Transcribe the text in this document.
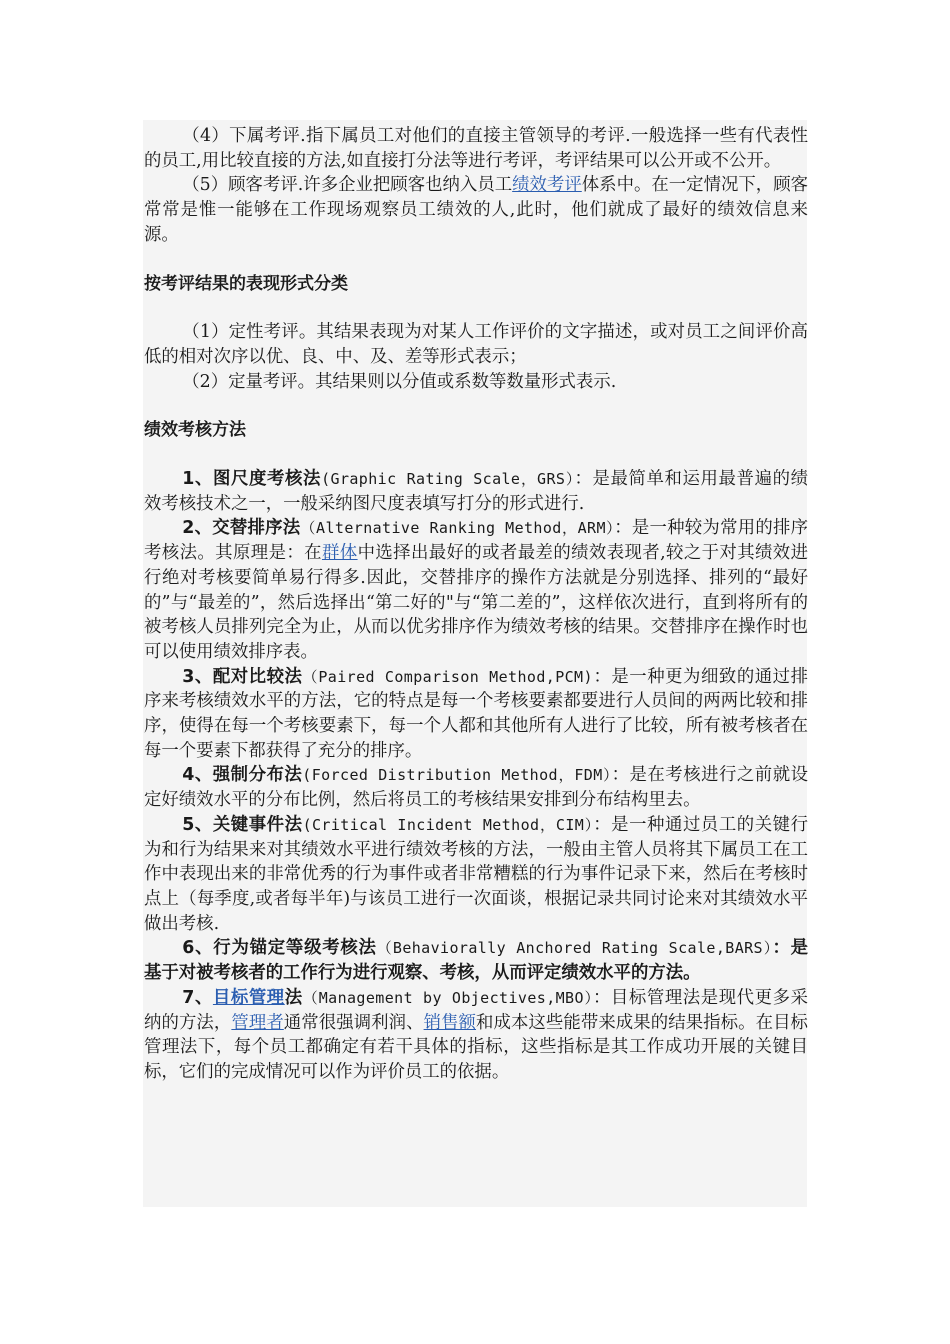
（4）下属考评.指下属员工对他们的直接主管领导的考评.一般选择一些有代表性的员工,用比较直接的方法,如直接打分法等进行考评，考评结果可以公开或不公开。

（5）顾客考评.许多企业把顾客也纳入员工绩效考评体系中。在一定情况下，顾客常常是惟一能够在工作现场观察员工绩效的人,此时，他们就成了最好的绩效信息来源。

按考评结果的表现形式分类

（1）定性考评。其结果表现为对某人工作评价的文字描述，或对员工之间评价高低的相对次序以优、良、中、及、差等形式表示；

（2）定量考评。其结果则以分值或系数等数量形式表示.

绩效考核方法

1、图尺度考核法(Graphic Rating Scale，GRS）：是最简单和运用最普遍的绩效考核技术之一，一般采纳图尺度表填写打分的形式进行.

2、交替排序法（Alternative Ranking Method，ARM）：是一种较为常用的排序考核法。其原理是：在群体中选择出最好的或者最差的绩效表现者,较之于对其绩效进行绝对考核要简单易行得多.因此，交替排序的操作方法就是分别选择、排列的“最好的”与“最差的”，然后选择出“第二好的"与“第二差的”，这样依次进行，直到将所有的被考核人员排列完全为止，从而以优劣排序作为绩效考核的结果。交替排序在操作时也可以使用绩效排序表。

3、配对比较法（Paired Comparison Method,PCM)：是一种更为细致的通过排序来考核绩效水平的方法，它的特点是每一个考核要素都要进行人员间的两两比较和排序，使得在每一个考核要素下，每一个人都和其他所有人进行了比较，所有被考核者在每一个要素下都获得了充分的排序。

4、强制分布法(Forced Distribution Method，FDM）：是在考核进行之前就设定好绩效水平的分布比例，然后将员工的考核结果安排到分布结构里去。

5、关键事件法(Critical Incident Method，CIM）：是一种通过员工的关键行为和行为结果来对其绩效水平进行绩效考核的方法，一般由主管人员将其下属员工在工作中表现出来的非常优秀的行为事件或者非常糟糕的行为事件记录下来，然后在考核时点上（每季度,或者每半年)与该员工进行一次面谈，根据记录共同讨论来对其绩效水平做出考核.

6、行为锚定等级考核法（Behaviorally Anchored Rating Scale,BARS）：是基于对被考核者的工作行为进行观察、考核，从而评定绩效水平的方法。

7、目标管理法（Management by Objectives,MBO）：目标管理法是现代更多采纳的方法，管理者通常很强调利润、销售额和成本这些能带来成果的结果指标。在目标管理法下，每个员工都确定有若干具体的指标，这些指标是其工作成功开展的关键目标，它们的完成情况可以作为评价员工的依据。
